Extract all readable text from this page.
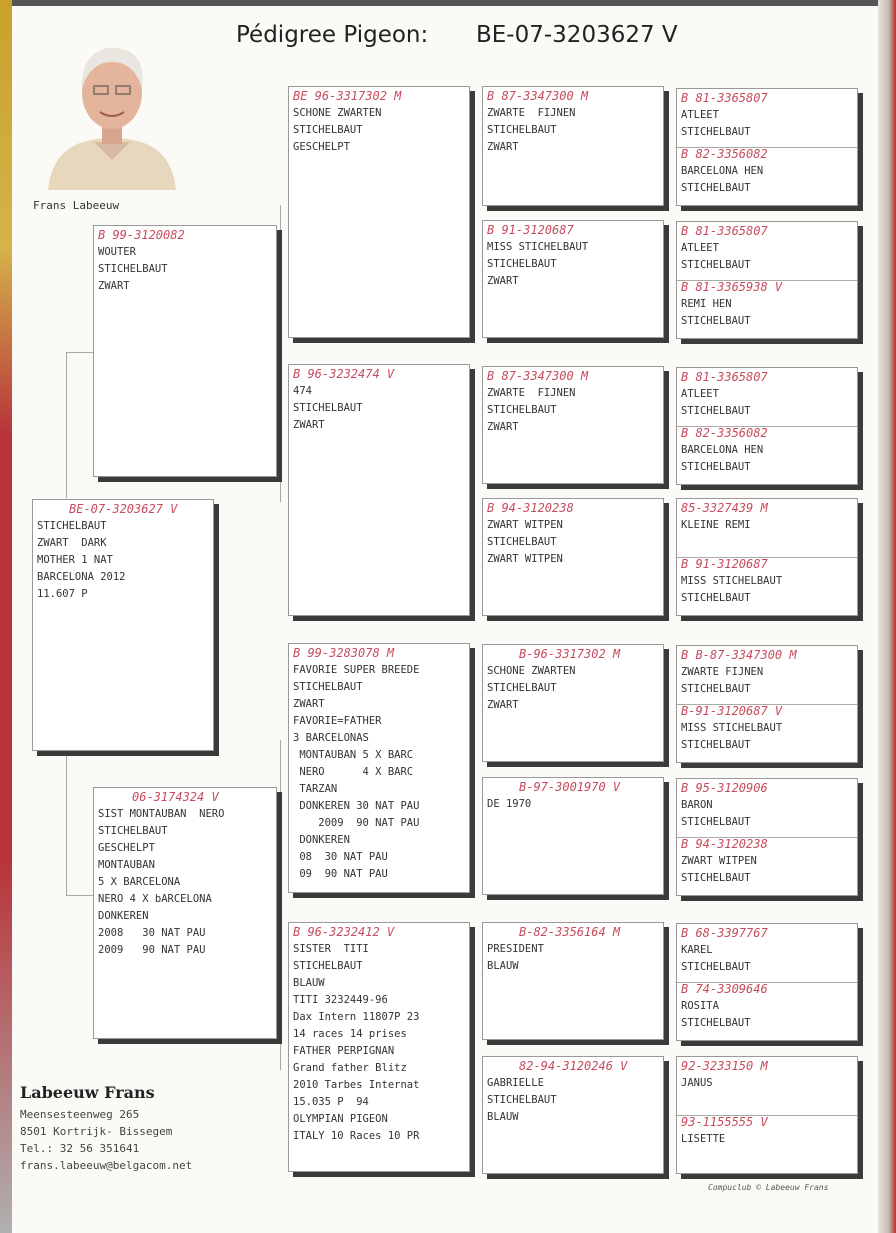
Pédigree Pigeon: BE-07-3203627 V
Frans Labeeuw
BE-07-3203627 V
STICHELBAUT
ZWART  DARK
MOTHER 1 NAT
BARCELONA 2012
11.607 P
B 99-3120082
WOUTER
STICHELBAUT
ZWART
06-3174324 V
SIST MONTAUBAN  NERO
STICHELBAUT
GESCHELPT
MONTAUBAN
5 X BARCELONA
NERO 4 X bARCELONA
DONKEREN
2008   30 NAT PAU
2009   90 NAT PAU
BE 96-3317302 M
SCHONE ZWARTEN
STICHELBAUT
GESCHELPT
B 96-3232474 V
474
STICHELBAUT
ZWART
B 99-3283078 M
FAVORIE SUPER BREEDE
STICHELBAUT
ZWART
FAVORIE=FATHER
3 BARCELONAS
MONTAUBAN 5 X BARC
NERO      4 X BARC
TARZAN
DONKEREN 30 NAT PAU
2009  90 NAT PAU
DONKEREN
08  30 NAT PAU
09  90 NAT PAU
B 96-3232412 V
SISTER  TITI
STICHELBAUT
BLAUW
TITI 3232449-96
Dax Intern 11807P 23
14 races 14 prises
FATHER PERPIGNAN
Grand father Blitz
2010 Tarbes Internat
15.035 P  94
OLYMPIAN PIGEON
ITALY 10 Races 10 PR
B 87-3347300 M
ZWARTE  FIJNEN
STICHELBAUT
ZWART
B 91-3120687
MISS STICHELBAUT
STICHELBAUT
ZWART
B 87-3347300 M
ZWARTE  FIJNEN
STICHELBAUT
ZWART
B 94-3120238
ZWART WITPEN
STICHELBAUT
ZWART WITPEN
B-96-3317302 M
SCHONE ZWARTEN
STICHELBAUT
ZWART
B-97-3001970 V
DE 1970
B-82-3356164 M
PRESIDENT
BLAUW
82-94-3120246 V
GABRIELLE
STICHELBAUT
BLAUW
B 81-3365807
ATLEET
STICHELBAUT
B 82-3356082
BARCELONA HEN
STICHELBAUT
B 81-3365807
ATLEET
STICHELBAUT
B 81-3365938 V
REMI HEN
STICHELBAUT
B 81-3365807
ATLEET
STICHELBAUT
B 82-3356082
BARCELONA HEN
STICHELBAUT
85-3327439 M
KLEINE REMI
B 91-3120687
MISS STICHELBAUT
STICHELBAUT
B B-87-3347300 M
ZWARTE FIJNEN
STICHELBAUT
B-91-3120687 V
MISS STICHELBAUT
STICHELBAUT
B 95-3120906
BARON
STICHELBAUT
B 94-3120238
ZWART WITPEN
STICHELBAUT
B 68-3397767
KAREL
STICHELBAUT
B 74-3309646
ROSITA
STICHELBAUT
92-3233150 M
JANUS
93-1155555 V
LISETTE
Labeeuw Frans
Meensesteenweg 265
8501 Kortrijk- Bissegem
Tel.: 32 56 351641
frans.labeeuw@belgacom.net
Compuclub © Labeeuw Frans
